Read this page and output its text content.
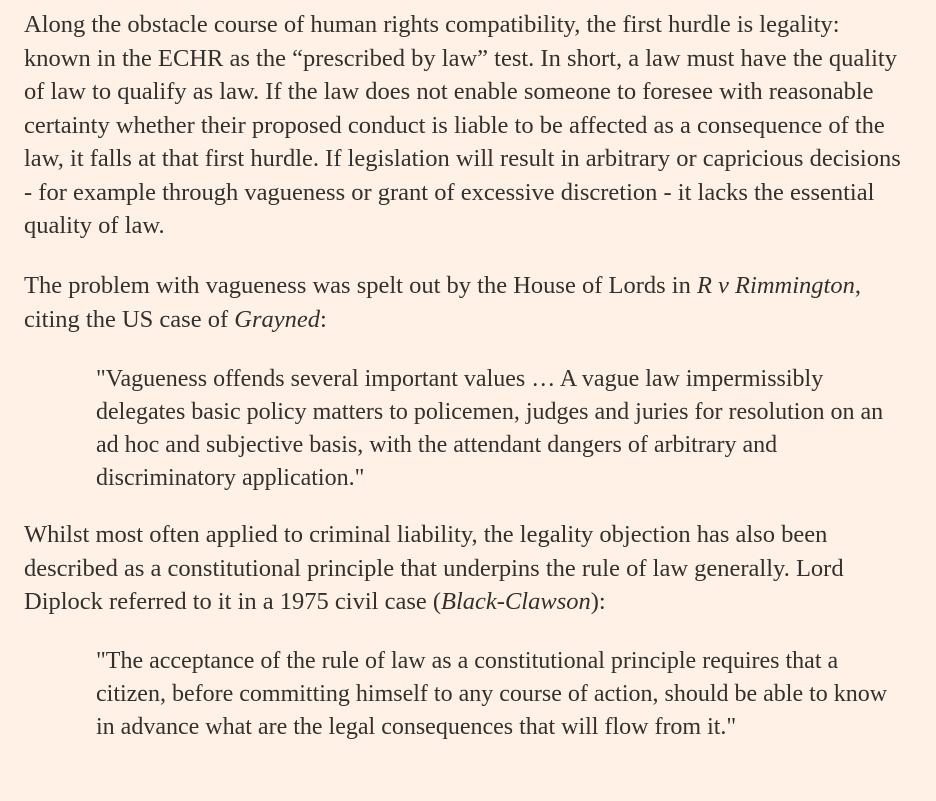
Along the obstacle course of human rights compatibility, the first hurdle is legality: known in the ECHR as the “prescribed by law” test. In short, a law must have the quality of law to qualify as law. If the law does not enable someone to foresee with reasonable certainty whether their proposed conduct is liable to be affected as a consequence of the law, it falls at that first hurdle. If legislation will result in arbitrary or capricious decisions - for example through vagueness or grant of excessive discretion - it lacks the essential quality of law.

The problem with vagueness was spelt out by the House of Lords in R v Rimmington, citing the US case of Grayned:

"Vagueness offends several important values … A vague law impermissibly delegates basic policy matters to policemen, judges and juries for resolution on an ad hoc and subjective basis, with the attendant dangers of arbitrary and discriminatory application."

Whilst most often applied to criminal liability, the legality objection has also been described as a constitutional principle that underpins the rule of law generally. Lord Diplock referred to it in a 1975 civil case (Black-Clawson):

"The acceptance of the rule of law as a constitutional principle requires that a citizen, before committing himself to any course of action, should be able to know in advance what are the legal consequences that will flow from it."
